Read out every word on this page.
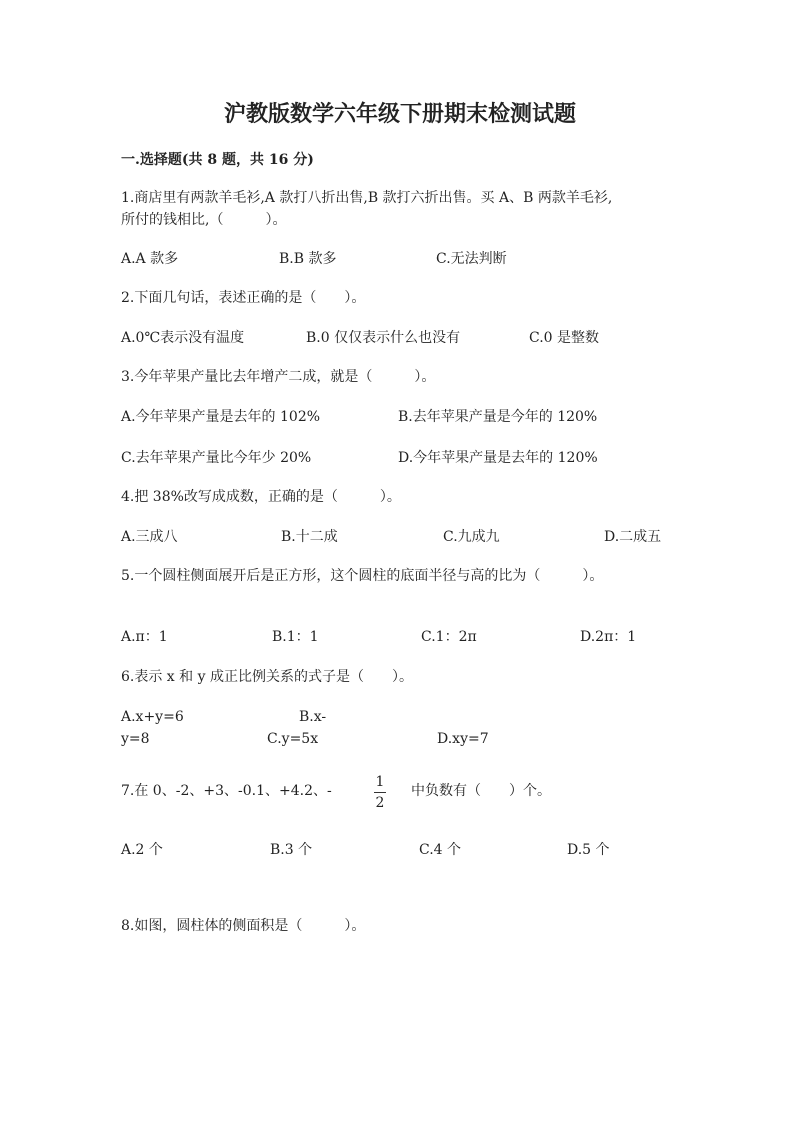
沪教版数学六年级下册期末检测试题
一.选择题(共 8 题，共 16 分)
1.商店里有两款羊毛衫,A 款打八折出售,B 款打六折出售。买 A、B 两款羊毛衫,
所付的钱相比,（　　　）。
A.A 款多	B.B 款多	C.无法判断
2.下面几句话，表述正确的是（　　）。
A.0℃表示没有温度	B.0 仅仅表示什么也没有	C.0 是整数
3.今年苹果产量比去年增产二成，就是（　　　）。
A.今年苹果产量是去年的 102%	B.去年苹果产量是今年的 120%
C.去年苹果产量比今年少 20%	D.今年苹果产量是去年的 120%
4.把 38%改写成成数，正确的是（　　　）。
A.三成八	B.十二成	C.九成九	D.二成五
5.一个圆柱侧面展开后是正方形，这个圆柱的底面半径与高的比为（　　　）。
A.π：1	B.1：1	C.1：2π	D.2π：1
6.表示 x 和 y 成正比例关系的式子是（　　）。
A.x+y=6	B.x-
y=8	C.y=5x	D.xy=7
7.在 0、-2、+3、-0.1、+4.2、-
1
2
中负数有（　　）个。
A.2 个	B.3 个	C.4 个	D.5 个
8.如图，圆柱体的侧面积是（　　　）。
